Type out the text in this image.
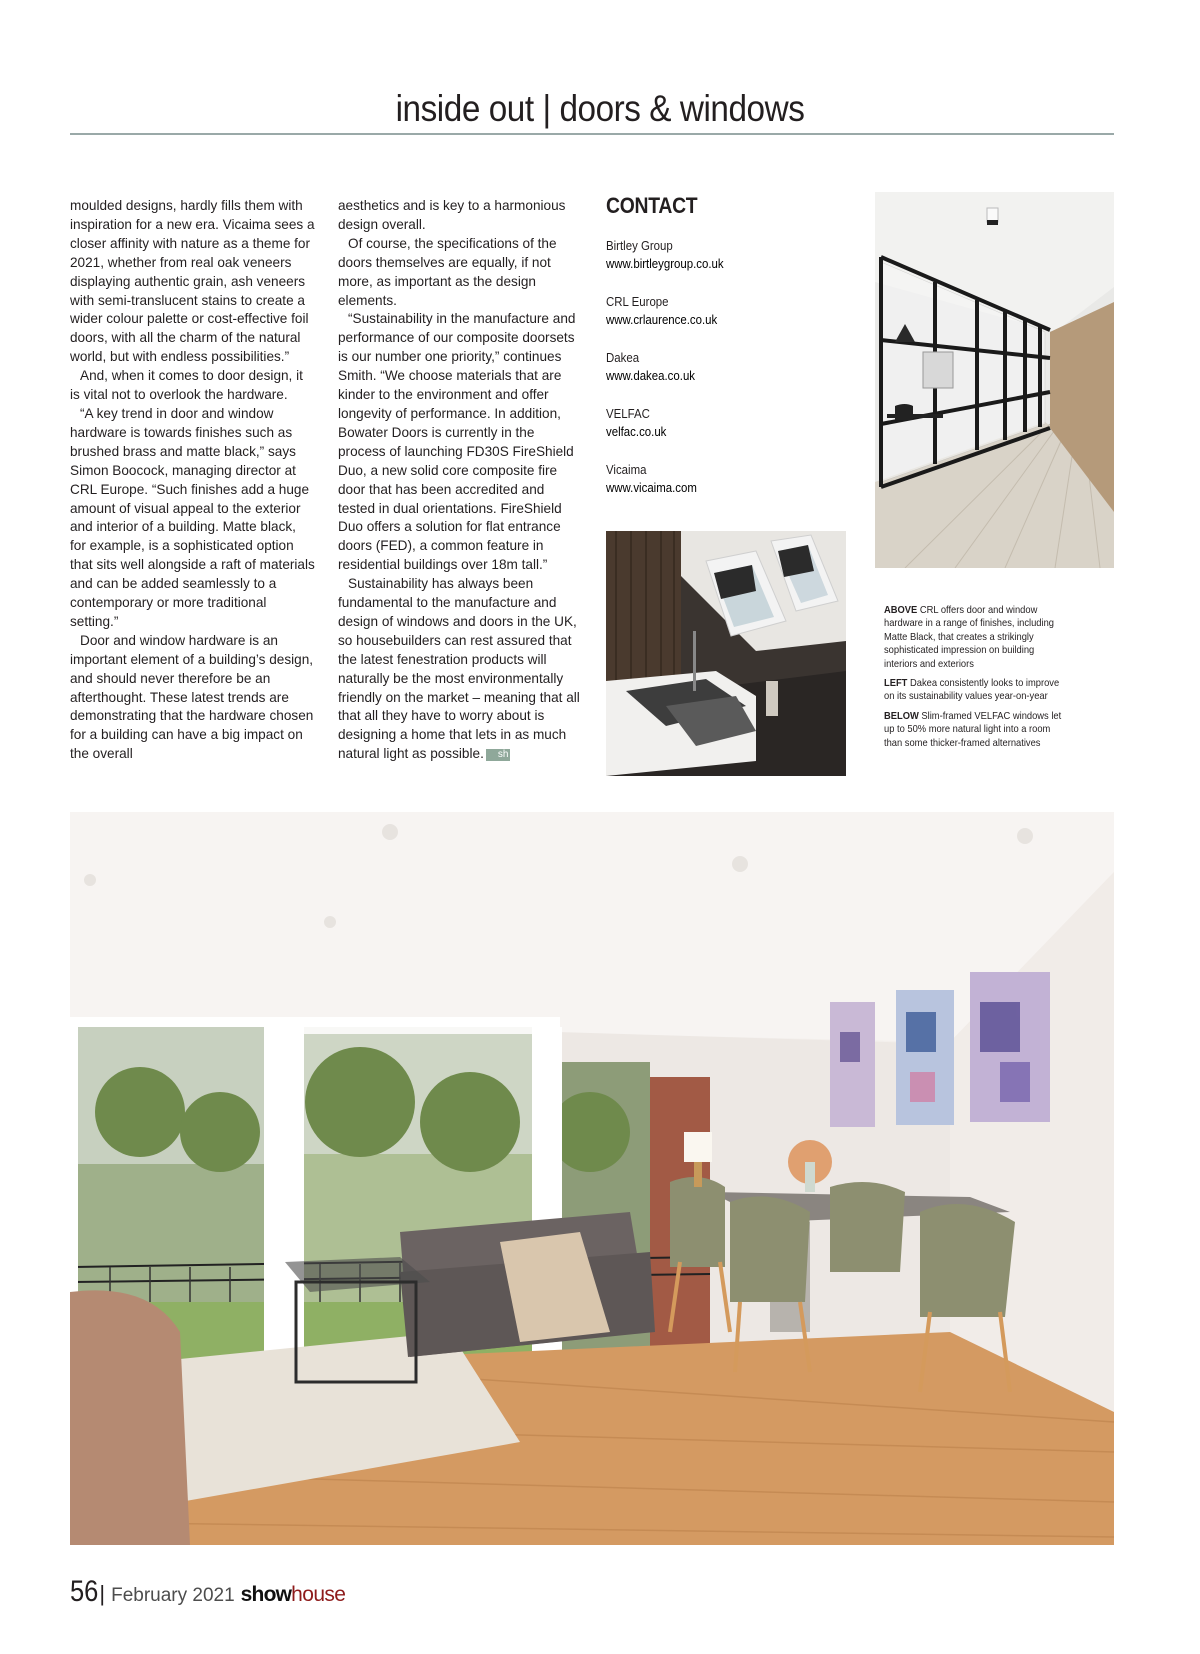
inside out | doors & windows

moulded designs, hardly fills them with inspiration for a new era. Vicaima sees a closer affinity with nature as a theme for 2021, whether from real oak veneers displaying authentic grain, ash veneers with semi-translucent stains to create a wider colour palette or cost-effective foil doors, with all the charm of the natural world, but with endless possibilities.”

And, when it comes to door design, it is vital not to overlook the hardware.

“A key trend in door and window hardware is towards finishes such as brushed brass and matte black,” says Simon Boocock, managing director at CRL Europe. “Such finishes add a huge amount of visual appeal to the exterior and interior of a building. Matte black, for example, is a sophisticated option that sits well alongside a raft of materials and can be added seamlessly to a contemporary or more traditional setting.”

Door and window hardware is an important element of a building’s design, and should never therefore be an afterthought. These latest trends are demonstrating that the hardware chosen for a building can have a big impact on the overall

aesthetics and is key to a harmonious design overall.

Of course, the specifications of the doors themselves are equally, if not more, as important as the design elements.

“Sustainability in the manufacture and performance of our composite doorsets is our number one priority,” continues Smith. “We choose materials that are kinder to the environment and offer longevity of performance. In addition, Bowater Doors is currently in the process of launching FD30S FireShield Duo, a new solid core composite fire door that has been accredited and tested in dual orientations. FireShield Duo offers a solution for flat entrance doors (FED), a common feature in residential buildings over 18m tall.”

Sustainability has always been fundamental to the manufacture and design of windows and doors in the UK, so housebuilders can rest assured that the latest fenestration products will naturally be the most environmentally friendly on the market – meaning that all that all they have to worry about is designing a home that lets in as much natural light as possible. sh

CONTACT
Birtley Group
www.birtleygroup.co.uk
CRL Europe
www.crlaurence.co.uk
Dakea
www.dakea.co.uk
VELFAC
velfac.co.uk
Vicaima
www.vicaima.com

ABOVE CRL offers door and window hardware in a range of finishes, including Matte Black, that creates a strikingly sophisticated impression on building interiors and exteriors

LEFT Dakea consistently looks to improve on its sustainability values year-on-year

BELOW Slim-framed VELFAC windows let up to 50% more natural light into a room than some thicker-framed alternatives

56 | February 2021 show house
